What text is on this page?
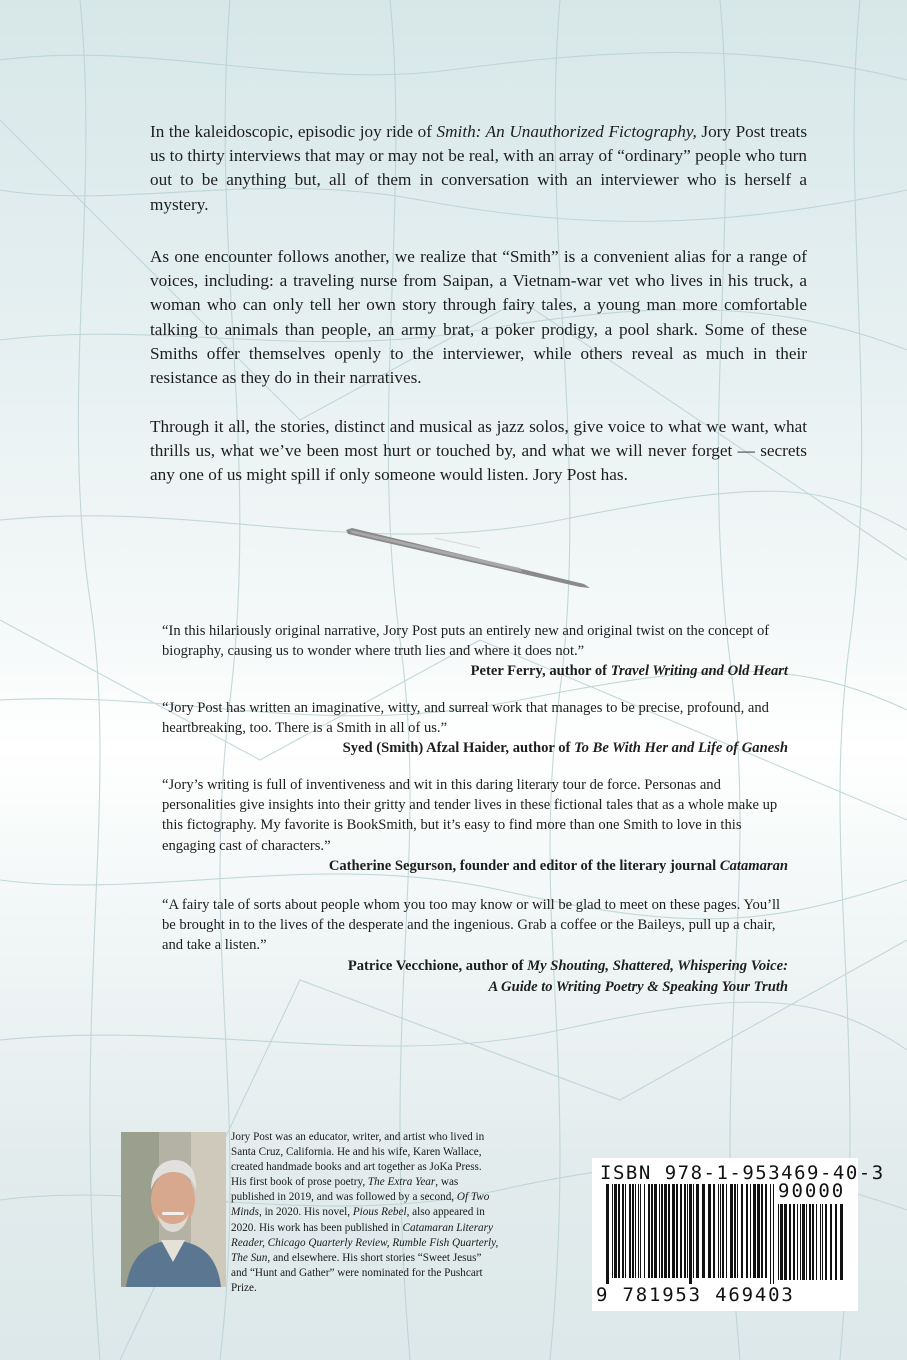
In the kaleidoscopic, episodic joy ride of Smith: An Unauthorized Fictography, Jory Post treats us to thirty interviews that may or may not be real, with an array of “ordinary” people who turn out to be anything but, all of them in conversation with an interviewer who is herself a mystery.

As one encounter follows another, we realize that “Smith” is a convenient alias for a range of voices, including: a traveling nurse from Saipan, a Vietnam-war vet who lives in his truck, a woman who can only tell her own story through fairy tales, a young man more comfortable talking to animals than people, an army brat, a poker prodigy, a pool shark. Some of these Smiths offer themselves openly to the interviewer, while others reveal as much in their resistance as they do in their narratives.

Through it all, the stories, distinct and musical as jazz solos, give voice to what we want, what thrills us, what we’ve been most hurt or touched by, and what we will never forget — secrets any one of us might spill if only someone would listen. Jory Post has.

“In this hilariously original narrative, Jory Post puts an entirely new and original twist on the concept of biography, causing us to wonder where truth lies and where it does not.”

Peter Ferry, author of Travel Writing and Old Heart

“Jory Post has written an imaginative, witty, and surreal work that manages to be precise, profound, and heartbreaking, too. There is a Smith in all of us.”

Syed (Smith) Afzal Haider, author of To Be With Her and Life of Ganesh

“Jory’s writing is full of inventiveness and wit in this daring literary tour de force. Personas and personalities give insights into their gritty and tender lives in these fictional tales that as a whole make up this fictography. My favorite is BookSmith, but it’s easy to find more than one Smith to love in this engaging cast of characters.”

Catherine Segurson, founder and editor of the literary journal Catamaran

“A fairy tale of sorts about people whom you too may know or will be glad to meet on these pages. You’ll be brought in to the lives of the desperate and the ingenious. Grab a coffee or the Baileys, pull up a chair, and take a listen.”

Patrice Vecchione, author of My Shouting, Shattered, Whispering Voice:
A Guide to Writing Poetry & Speaking Your Truth

Jory Post was an educator, writer, and artist who lived in Santa Cruz, California. He and his wife, Karen Wallace, created handmade books and art together as JoKa Press. His first book of prose poetry, The Extra Year, was published in 2019, and was followed by a second, Of Two Minds, in 2020. His novel, Pious Rebel, also appeared in 2020. His work has been published in Catamaran Literary Reader, Chicago Quarterly Review, Rumble Fish Quarterly, The Sun, and elsewhere. His short stories “Sweet Jesus” and “Hunt and Gather” were nominated for the Pushcart Prize.

ISBN 978-1-953469-40-3
90000
9 781953 469403
